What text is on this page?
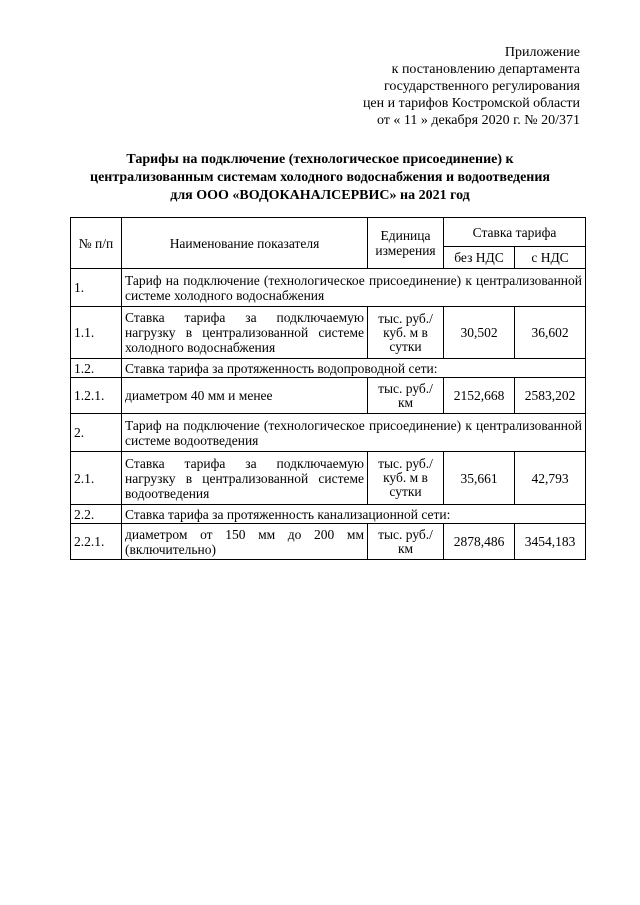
Приложение
к постановлению департамента
государственного регулирования
цен и тарифов Костромской области
от « 11 » декабря 2020 г. № 20/371
Тарифы на подключение (технологическое присоединение) к
централизованным системам холодного водоснабжения и водоотведения
для ООО «ВОДОКАНАЛСЕРВИС» на 2021 год
№ п/п	Наименование показателя	Единица измерения	Ставка тарифа	
			без НДС	с НДС
1.	Тариф на подключение (технологическое присоединение) к централизованной системе холодного водоснабжения			
1.1.	Ставка тарифа за подключаемую нагрузку в централизованной системе холодного водоснабжения	тыс. руб./ куб. м в сутки	30,502	36,602
1.2.	Ставка тарифа за протяженность водопроводной сети:			
1.2.1.	диаметром 40 мм и менее	тыс. руб./ км	2152,668	2583,202
2.	Тариф на подключение (технологическое присоединение) к централизованной системе водоотведения			
2.1.	Ставка тарифа за подключаемую нагрузку в централизованной системе водоотведения	тыс. руб./ куб. м в сутки	35,661	42,793
2.2.	Ставка тарифа за протяженность канализационной сети:			
2.2.1.	диаметром от 150 мм до 200 мм (включительно)	тыс. руб./ км	2878,486	3454,183
